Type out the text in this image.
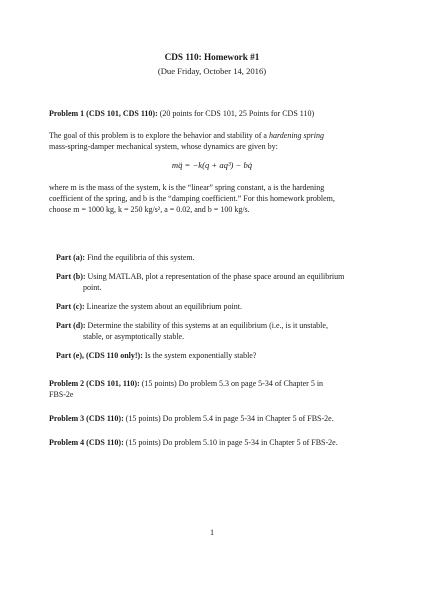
CDS 110: Homework #1
(Due Friday, October 14, 2016)
Problem 1 (CDS 101, CDS 110): (20 points for CDS 101, 25 Points for CDS 110)
The goal of this problem is to explore the behavior and stability of a hardening spring
mass-spring-damper mechanical system, whose dynamics are given by:
mq̈ = −k(q + aq³) − bq̇
where m is the mass of the system, k is the “linear” spring constant, a is the hardening
coefficient of the spring, and b is the “damping coefficient.” For this homework problem,
choose m = 1000 kg, k = 250 kg/s², a = 0.02, and b = 100 kg/s.
Part (a): Find the equilibria of this system.
Part (b): Using MATLAB, plot a representation of the phase space around an equilibrium
point.
Part (c): Linearize the system about an equilibrium point.
Part (d): Determine the stability of this systems at an equilibrium (i.e., is it unstable,
stable, or asymptotically stable.
Part (e), (CDS 110 only!): Is the system exponentially stable?
Problem 2 (CDS 101, 110): (15 points) Do problem 5.3 on page 5-34 of Chapter 5 in
FBS-2e
Problem 3 (CDS 110): (15 points) Do problem 5.4 in page 5-34 in Chapter 5 of FBS-2e.
Problem 4 (CDS 110): (15 points) Do problem 5.10 in page 5-34 in Chapter 5 of FBS-2e.
1
